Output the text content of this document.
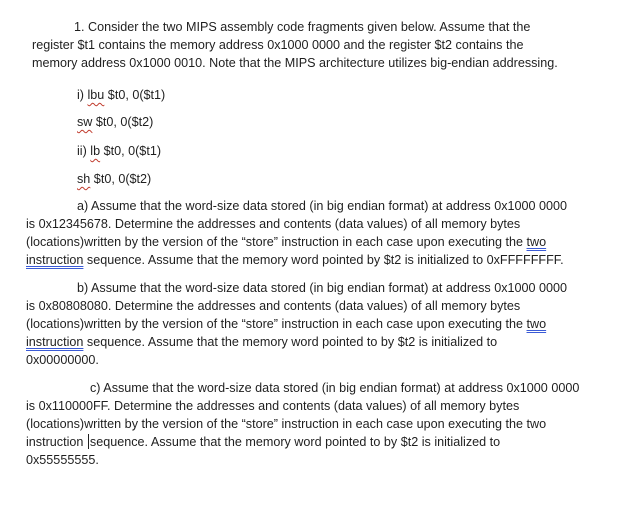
1. Consider the two MIPS assembly code fragments given below. Assume that the
register $t1 contains the memory address 0x1000 0000 and the register $t2 contains the
memory address 0x1000 0010. Note that the MIPS architecture utilizes big-endian addressing.
i) lbu $t0, 0($t1)
sw $t0, 0($t2)
ii) lb $t0, 0($t1)
sh $t0, 0($t2)
a) Assume that the word-size data stored (in big endian format) at address 0x1000 0000
is 0x12345678. Determine the addresses and contents (data values) of all memory bytes
(locations)written by the version of the “store” instruction in each case upon executing the two
instruction sequence. Assume that the memory word pointed by $t2 is initialized to 0xFFFFFFFF.
b) Assume that the word-size data stored (in big endian format) at address 0x1000 0000
is 0x80808080. Determine the addresses and contents (data values) of all memory bytes
(locations)written by the version of the “store” instruction in each case upon executing the two
instruction sequence. Assume that the memory word pointed to by $t2 is initialized to
0x00000000.
c) Assume that the word-size data stored (in big endian format) at address 0x1000 0000
is 0x110000FF. Determine the addresses and contents (data values) of all memory bytes
(locations)written by the version of the “store” instruction in each case upon executing the two
instruction sequence. Assume that the memory word pointed to by $t2 is initialized to
0x55555555.
